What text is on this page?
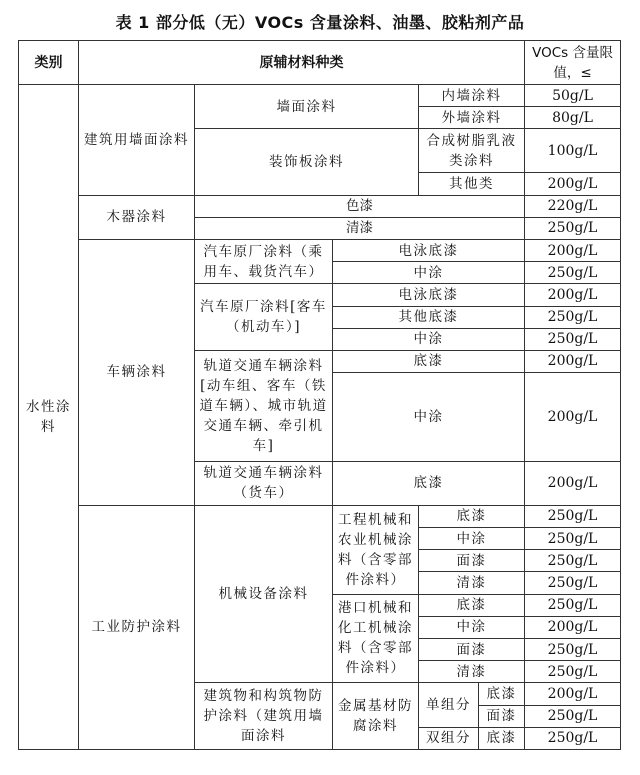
表 1 部分低（无）VOCs 含量涂料、油墨、胶粘剂产品
类别	原辅材料种类					VOCs 含量限值，≤
水性涂料	建筑用墙面涂料	墙面涂料		内墙涂料		50g/L
				外墙涂料		80g/L
		装饰板涂料		合成树脂乳液类涂料		100g/L
				其他类		200g/L
	木器涂料	色漆				220g/L
		清漆				250g/L
	车辆涂料	汽车原厂涂料（乘用车、载货汽车）	电泳底漆			200g/L
			中涂			250g/L
		汽车原厂涂料[客车（机动车）]	电泳底漆			200g/L
			其他底漆			250g/L
			中涂			250g/L
		轨道交通车辆涂料[动车组、客车（铁道车辆）、城市轨道交通车辆、牵引机车]	底漆			200g/L
			中涂			200g/L

		轨道交通车辆涂料（货车）	底漆			200g/L
	工业防护涂料	机械设备涂料	工程机械和农业机械涂料（含零部件涂料）	底漆		250g/L
				中涂		250g/L
				面漆		250g/L
				清漆		250g/L
			港口机械和化工机械涂料（含零部件涂料）	底漆		250g/L
				中涂		200g/L
				面漆		250g/L
				清漆		250g/L
		建筑物和构筑物防护涂料（建筑用墙面涂料	金属基材防腐涂料	单组分	底漆	200g/L
					面漆	250g/L
				双组分	底漆	250g/L
